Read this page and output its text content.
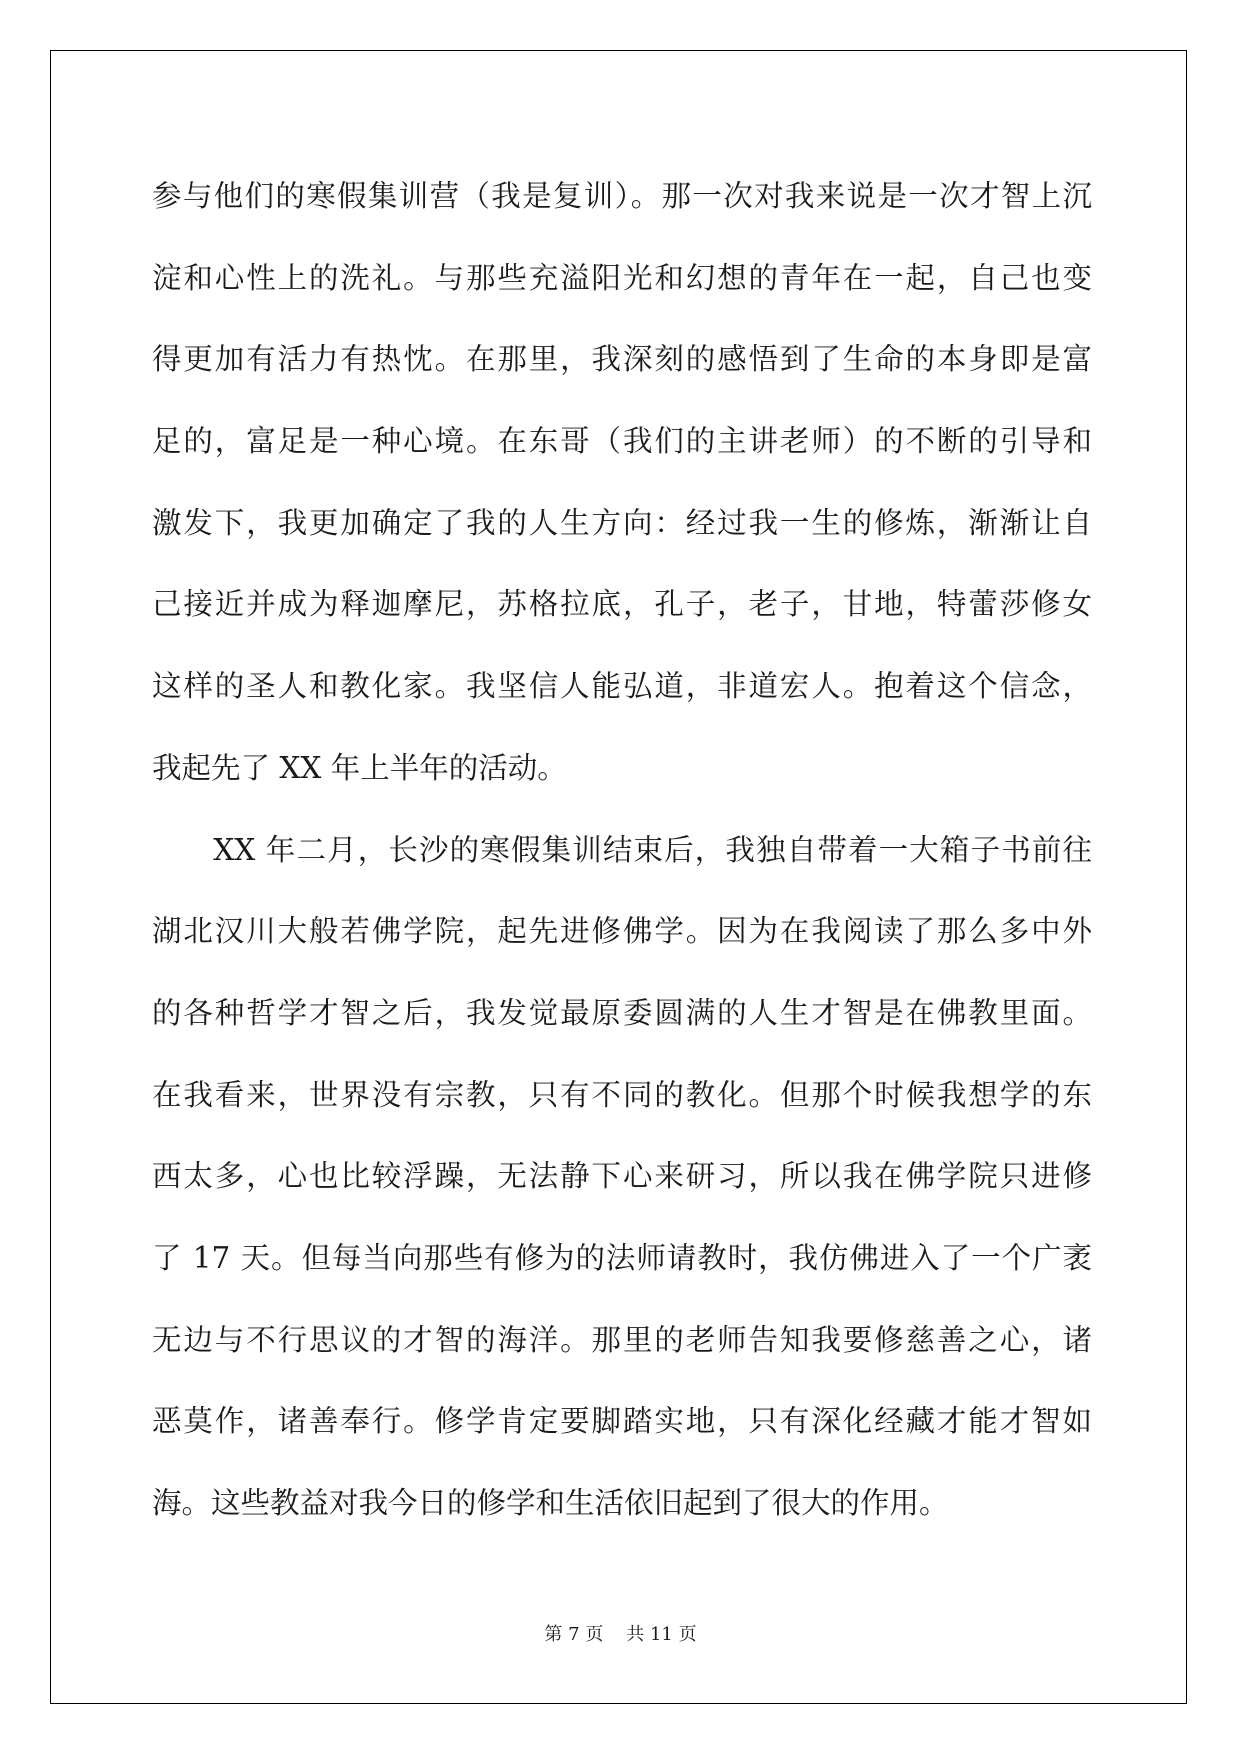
参与他们的寒假集训营（我是复训）。那一次对我来说是一次才智上沉
淀和心性上的洗礼。与那些充溢阳光和幻想的青年在一起，自己也变
得更加有活力有热忱。在那里，我深刻的感悟到了生命的本身即是富
足的，富足是一种心境。在东哥（我们的主讲老师）的不断的引导和
激发下，我更加确定了我的人生方向：经过我一生的修炼，渐渐让自
己接近并成为释迦摩尼，苏格拉底，孔子，老子，甘地，特蕾莎修女
这样的圣人和教化家。我坚信人能弘道，非道宏人。抱着这个信念，
我起先了 XX 年上半年的活动。
　　XX 年二月，长沙的寒假集训结束后，我独自带着一大箱子书前往
湖北汉川大般若佛学院，起先进修佛学。因为在我阅读了那么多中外
的各种哲学才智之后，我发觉最原委圆满的人生才智是在佛教里面。
在我看来，世界没有宗教，只有不同的教化。但那个时候我想学的东
西太多，心也比较浮躁，无法静下心来研习，所以我在佛学院只进修
了 17 天。但每当向那些有修为的法师请教时，我仿佛进入了一个广袤
无边与不行思议的才智的海洋。那里的老师告知我要修慈善之心，诸
恶莫作，诸善奉行。修学肯定要脚踏实地，只有深化经藏才能才智如
海。这些教益对我今日的修学和生活依旧起到了很大的作用。
第 7 页 共 11 页
